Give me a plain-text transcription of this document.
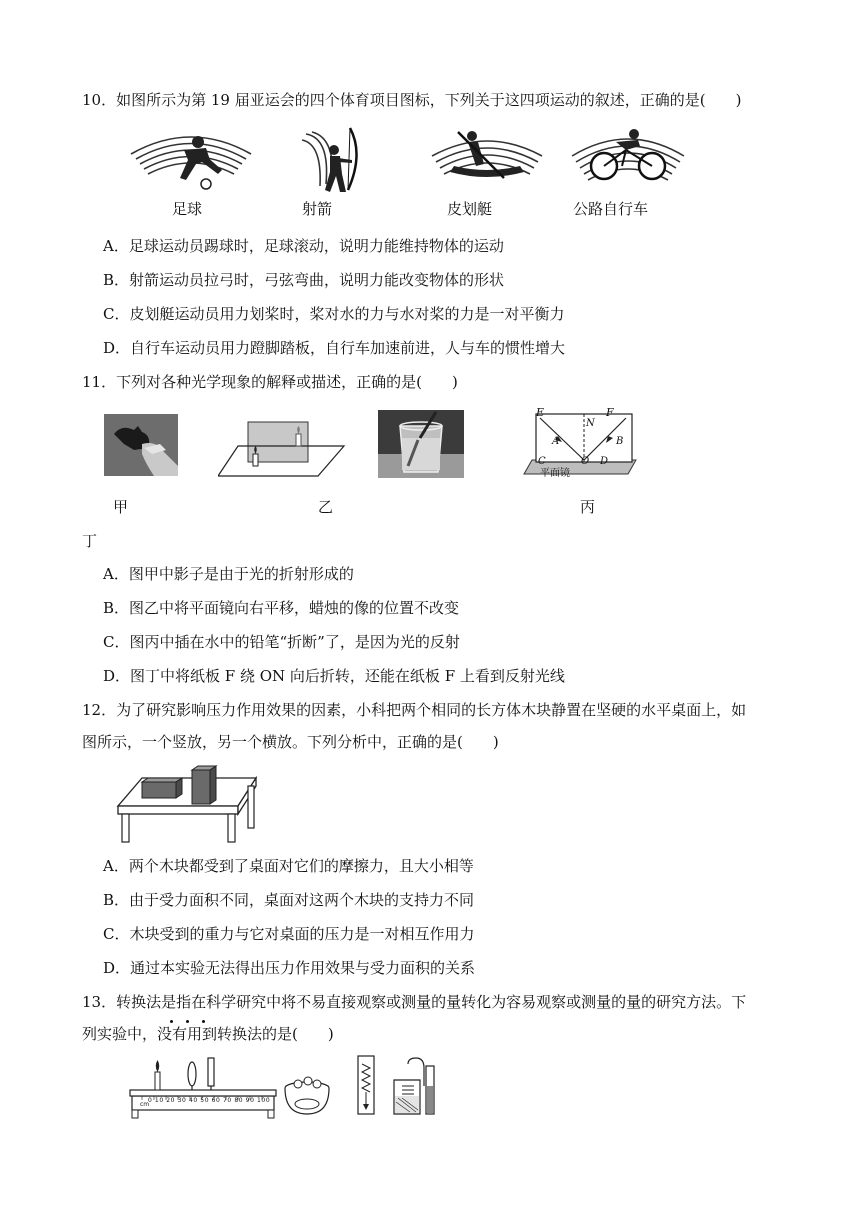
10．如图所示为第 19 届亚运会的四个体育项目图标，下列关于这四项运动的叙述，正确的是(　　)
足球	射箭	皮划艇	公路自行车
A．足球运动员踢球时，足球滚动，说明力能维持物体的运动
B．射箭运动员拉弓时，弓弦弯曲，说明力能改变物体的形状
C．皮划艇运动员用力划桨时，桨对水的力与水对桨的力是一对平衡力
D．自行车运动员用力蹬脚踏板，自行车加速前进，人与车的惯性增大
11．下列对各种光学现象的解释或描述，正确的是(　　)
E	F
N
A	B
C	O D
平面镜
甲	乙	丙
丁
A．图甲中影子是由于光的折射形成的
B．图乙中将平面镜向右平移，蜡烛的像的位置不改变
C．图丙中插在水中的铅笔“折断”了，是因为光的反射
D．图丁中将纸板 F 绕 ON 向后折转，还能在纸板 F 上看到反射光线
12．为了研究影响压力作用效果的因素，小科把两个相同的长方体木块静置在坚硬的水平桌面上，如
图所示，一个竖放，另一个横放。下列分析中，正确的是(　　)
A．两个木块都受到了桌面对它们的摩擦力，且大小相等
B．由于受力面积不同，桌面对这两个木块的支持力不同
C．木块受到的重力与它对桌面的压力是一对相互作用力
D．通过本实验无法得出压力作用效果与受力面积的关系
13．转换法是指在科学研究中将不易直接观察或测量的量转化为容易观察或测量的量的研究方法。下
列实验中，没有用到转换法的是(　　)
cm
0 10 20 30 40 50 60 70 80 90 100
